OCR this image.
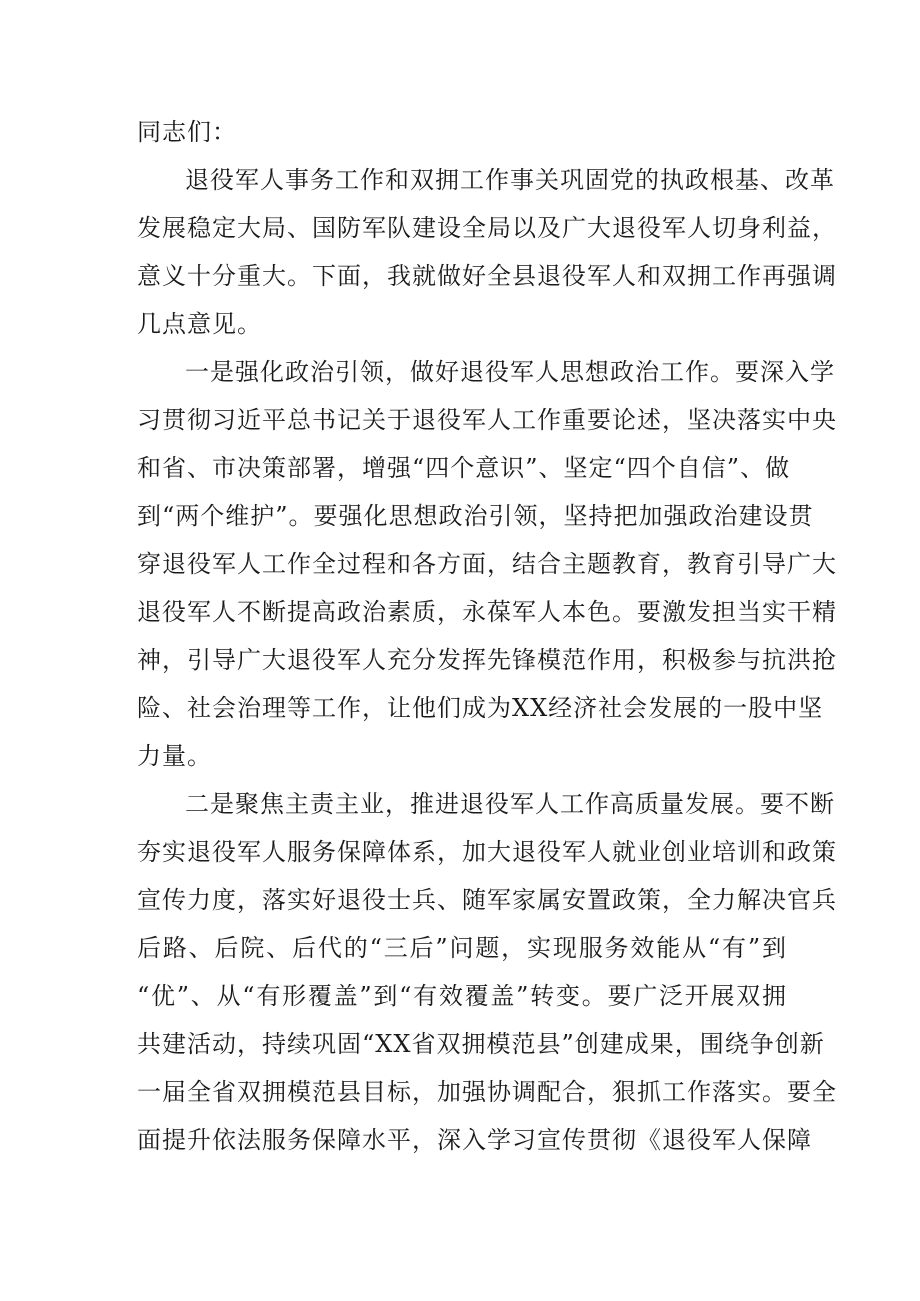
同志们：
退役军人事务工作和双拥工作事关巩固党的执政根基、改革
发展稳定大局、国防军队建设全局以及广大退役军人切身利益，
意义十分重大。下面，我就做好全县退役军人和双拥工作再强调
几点意见。
一是强化政治引领，做好退役军人思想政治工作。要深入学
习贯彻习近平总书记关于退役军人工作重要论述，坚决落实中央
和省、市决策部署，增强“四个意识”、坚定“四个自信”、做
到“两个维护”。要强化思想政治引领，坚持把加强政治建设贯
穿退役军人工作全过程和各方面，结合主题教育，教育引导广大
退役军人不断提高政治素质，永葆军人本色。要激发担当实干精
神，引导广大退役军人充分发挥先锋模范作用，积极参与抗洪抢
险、社会治理等工作，让他们成为XX经济社会发展的一股中坚
力量。
二是聚焦主责主业，推进退役军人工作高质量发展。要不断
夯实退役军人服务保障体系，加大退役军人就业创业培训和政策
宣传力度，落实好退役士兵、随军家属安置政策，全力解决官兵
后路、后院、后代的“三后”问题，实现服务效能从“有”到
“优”、从“有形覆盖”到“有效覆盖”转变。要广泛开展双拥
共建活动，持续巩固“XX省双拥模范县”创建成果，围绕争创新
一届全省双拥模范县目标，加强协调配合，狠抓工作落实。要全
面提升依法服务保障水平，深入学习宣传贯彻《退役军人保障
